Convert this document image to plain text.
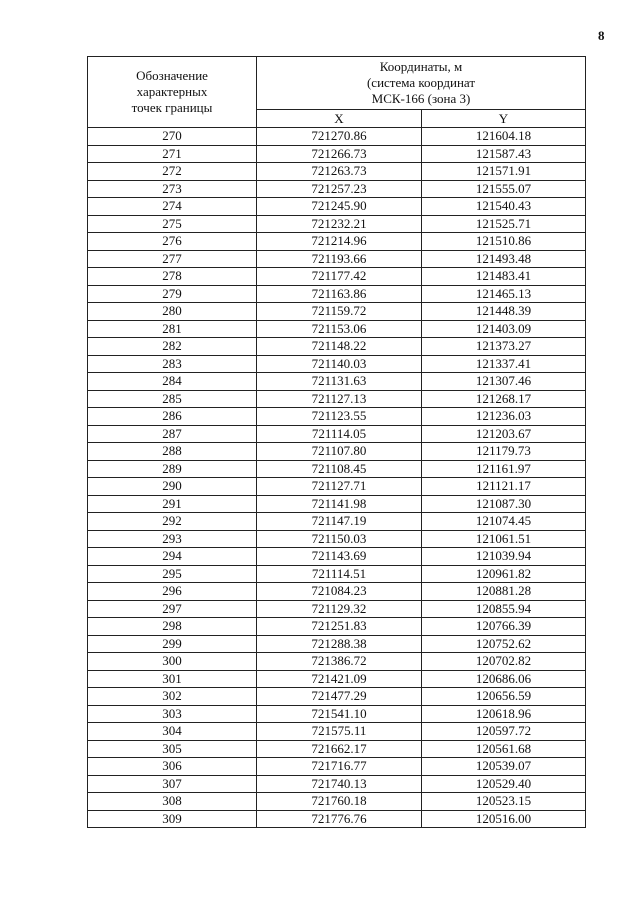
8
Обозначение
характерных
точек границы	Координаты, м
(система координат
МСК-166 (зона 3)	

	X	Y
270	721270.86	121604.18
271	721266.73	121587.43
272	721263.73	121571.91
273	721257.23	121555.07
274	721245.90	121540.43
275	721232.21	121525.71
276	721214.96	121510.86
277	721193.66	121493.48
278	721177.42	121483.41
279	721163.86	121465.13
280	721159.72	121448.39
281	721153.06	121403.09
282	721148.22	121373.27
283	721140.03	121337.41
284	721131.63	121307.46
285	721127.13	121268.17
286	721123.55	121236.03
287	721114.05	121203.67
288	721107.80	121179.73
289	721108.45	121161.97
290	721127.71	121121.17
291	721141.98	121087.30
292	721147.19	121074.45
293	721150.03	121061.51
294	721143.69	121039.94
295	721114.51	120961.82
296	721084.23	120881.28
297	721129.32	120855.94
298	721251.83	120766.39
299	721288.38	120752.62
300	721386.72	120702.82
301	721421.09	120686.06
302	721477.29	120656.59
303	721541.10	120618.96
304	721575.11	120597.72
305	721662.17	120561.68
306	721716.77	120539.07
307	721740.13	120529.40
308	721760.18	120523.15
309	721776.76	120516.00
